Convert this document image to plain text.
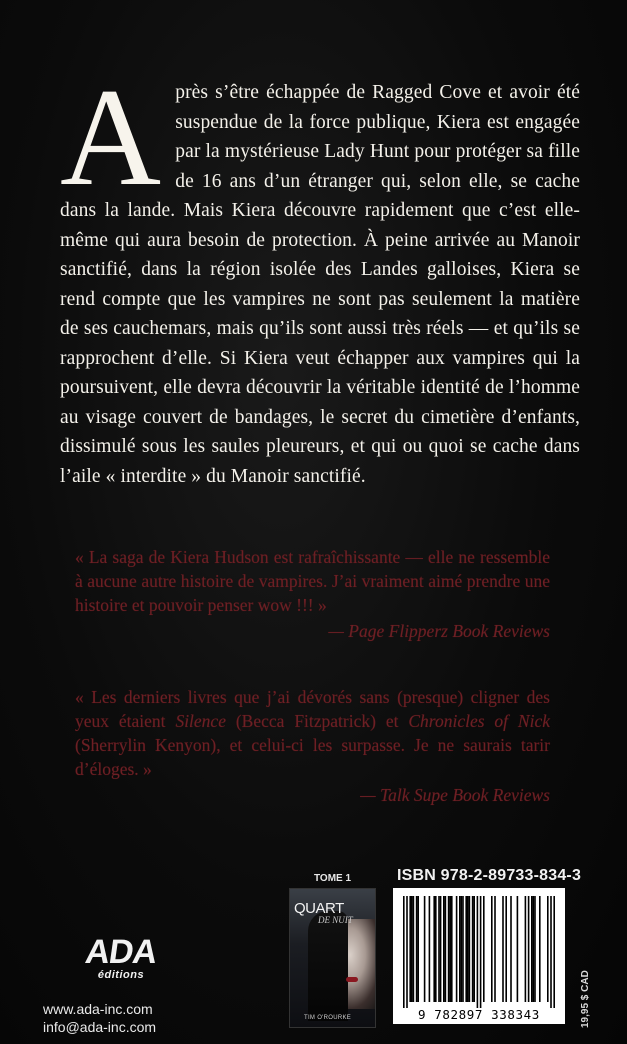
Après s’être échappée de Ragged Cove et avoir été suspendue de la force publique, Kiera est engagée par la mystérieuse Lady Hunt pour protéger sa fille de 16 ans d’un étranger qui, selon elle, se cache dans la lande. Mais Kiera découvre rapidement que c’est elle-même qui aura besoin de protection. À peine arrivée au Manoir sanctifié, dans la région isolée des Landes galloises, Kiera se rend compte que les vampires ne sont pas seulement la matière de ses cauchemars, mais qu’ils sont aussi très réels — et qu’ils se rapprochent d’elle. Si Kiera veut échapper aux vampires qui la poursuivent, elle devra découvrir la véritable identité de l’homme au visage couvert de bandages, le secret du cimetière d’enfants, dissimulé sous les saules pleureurs, et qui ou quoi se cache dans l’aile « interdite » du Manoir sanctifié.
« La saga de Kiera Hudson est rafraîchissante — elle ne ressemble à aucune autre histoire de vampires. J’ai vraiment aimé prendre une histoire et pouvoir penser wow !!! »
— Page Flipperz Book Reviews
« Les derniers livres que j’ai dévorés sans (presque) cligner des yeux étaient Silence (Becca Fitzpatrick) et Chronicles of Nick (Sherrylin Kenyon), et celui-ci les surpasse. Je ne saurais tarir d’éloges. »
— Talk Supe Book Reviews
ADA
éditions
www.ada-inc.com
info@ada-inc.com
TOME 1
QUART
DE NUIT
TIM O'ROURKE
ISBN 978-2-89733-834-3
9 782897 338343	19,95 $ CAD
